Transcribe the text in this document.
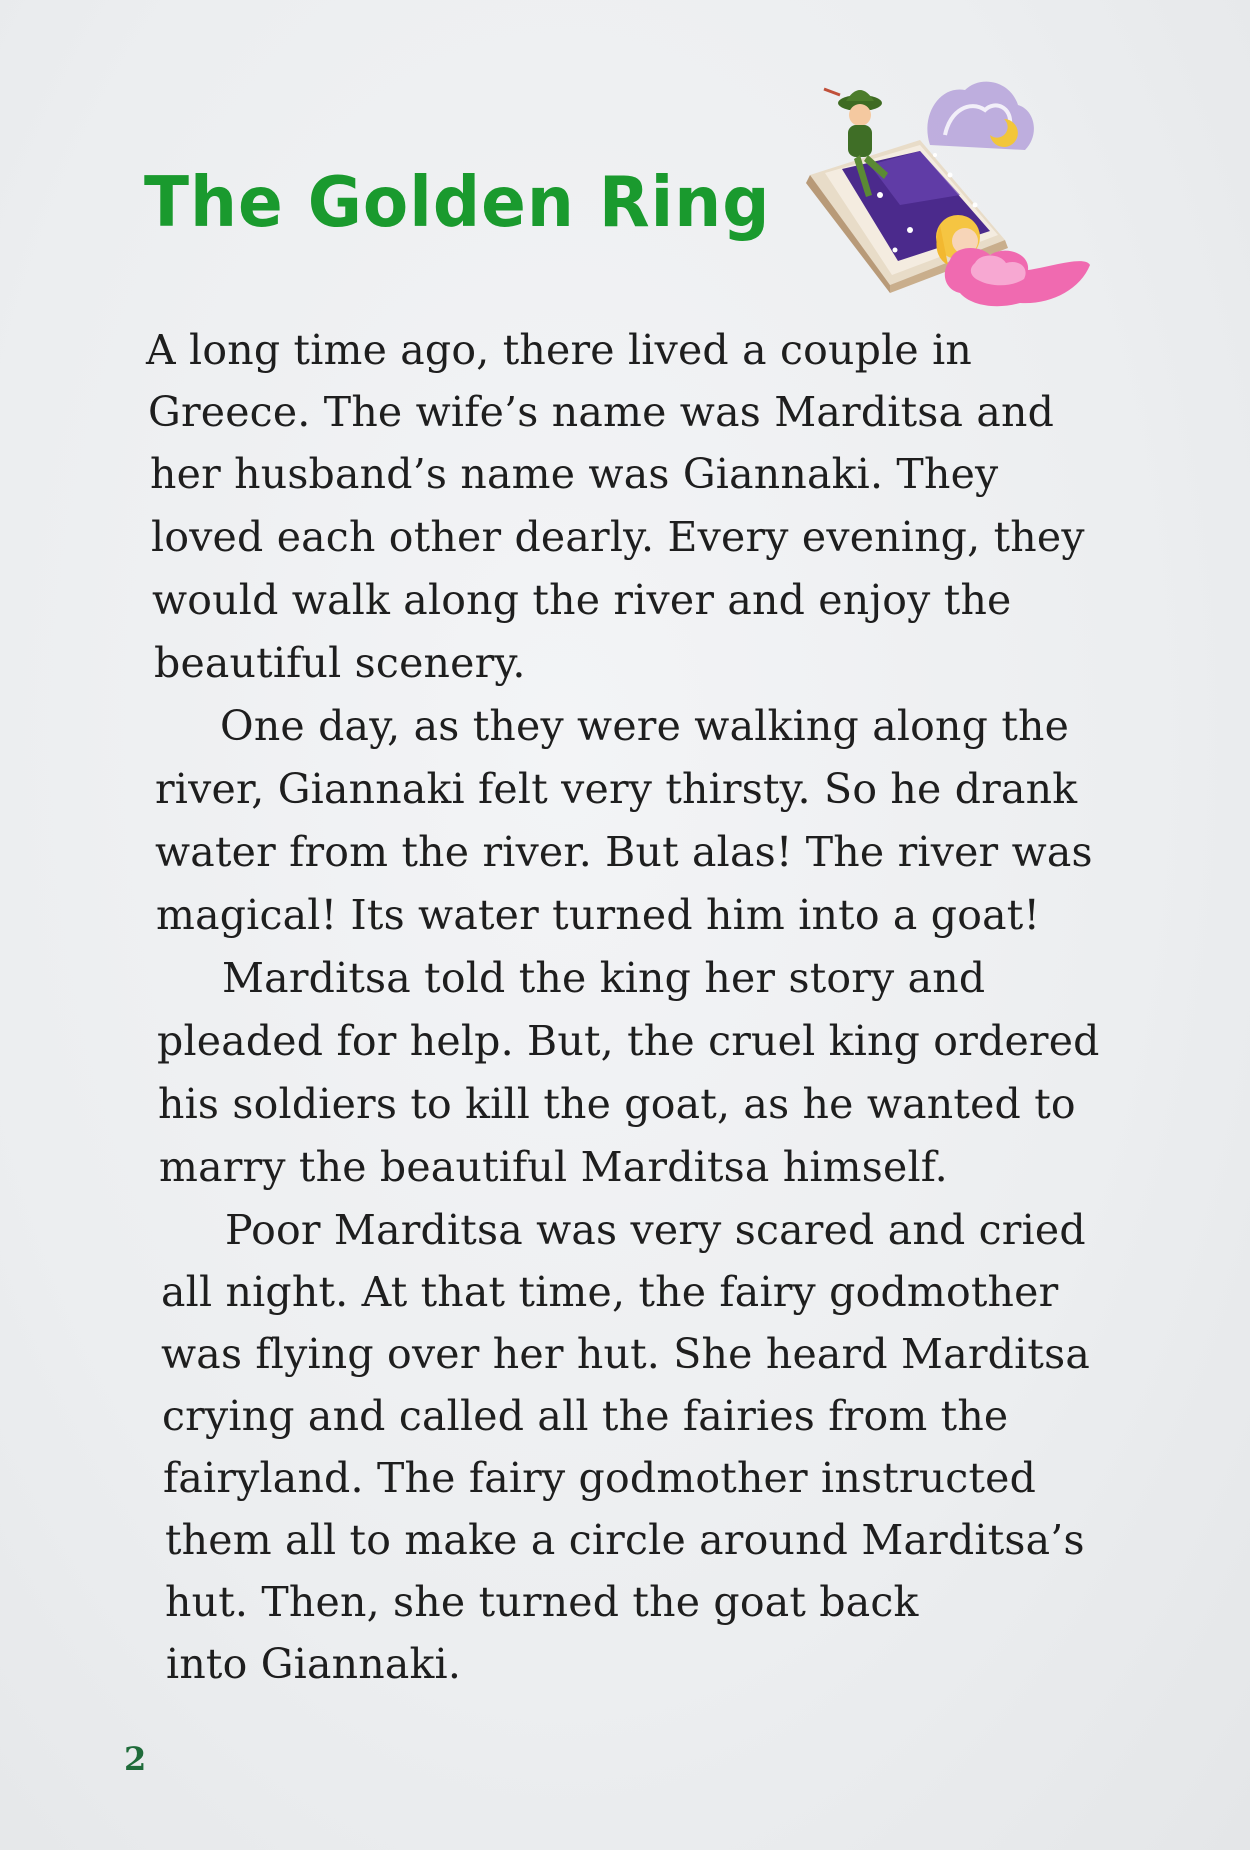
The Golden Ring
A long time ago, there lived a couple in
Greece. The wife’s name was Marditsa and
her husband’s name was Giannaki. They
loved each other dearly. Every evening, they
would walk along the river and enjoy the
beautiful scenery.
One day, as they were walking along the
river, Giannaki felt very thirsty. So he drank
water from the river. But alas! The river was
magical! Its water turned him into a goat!
Marditsa told the king her story and
pleaded for help. But, the cruel king ordered
his soldiers to kill the goat, as he wanted to
marry the beautiful Marditsa himself.
Poor Marditsa was very scared and cried
all night. At that time, the fairy godmother
was flying over her hut. She heard Marditsa
crying and called all the fairies from the
fairyland. The fairy godmother instructed
them all to make a circle around Marditsa’s
hut. Then, she turned the goat back
into Giannaki.
2
